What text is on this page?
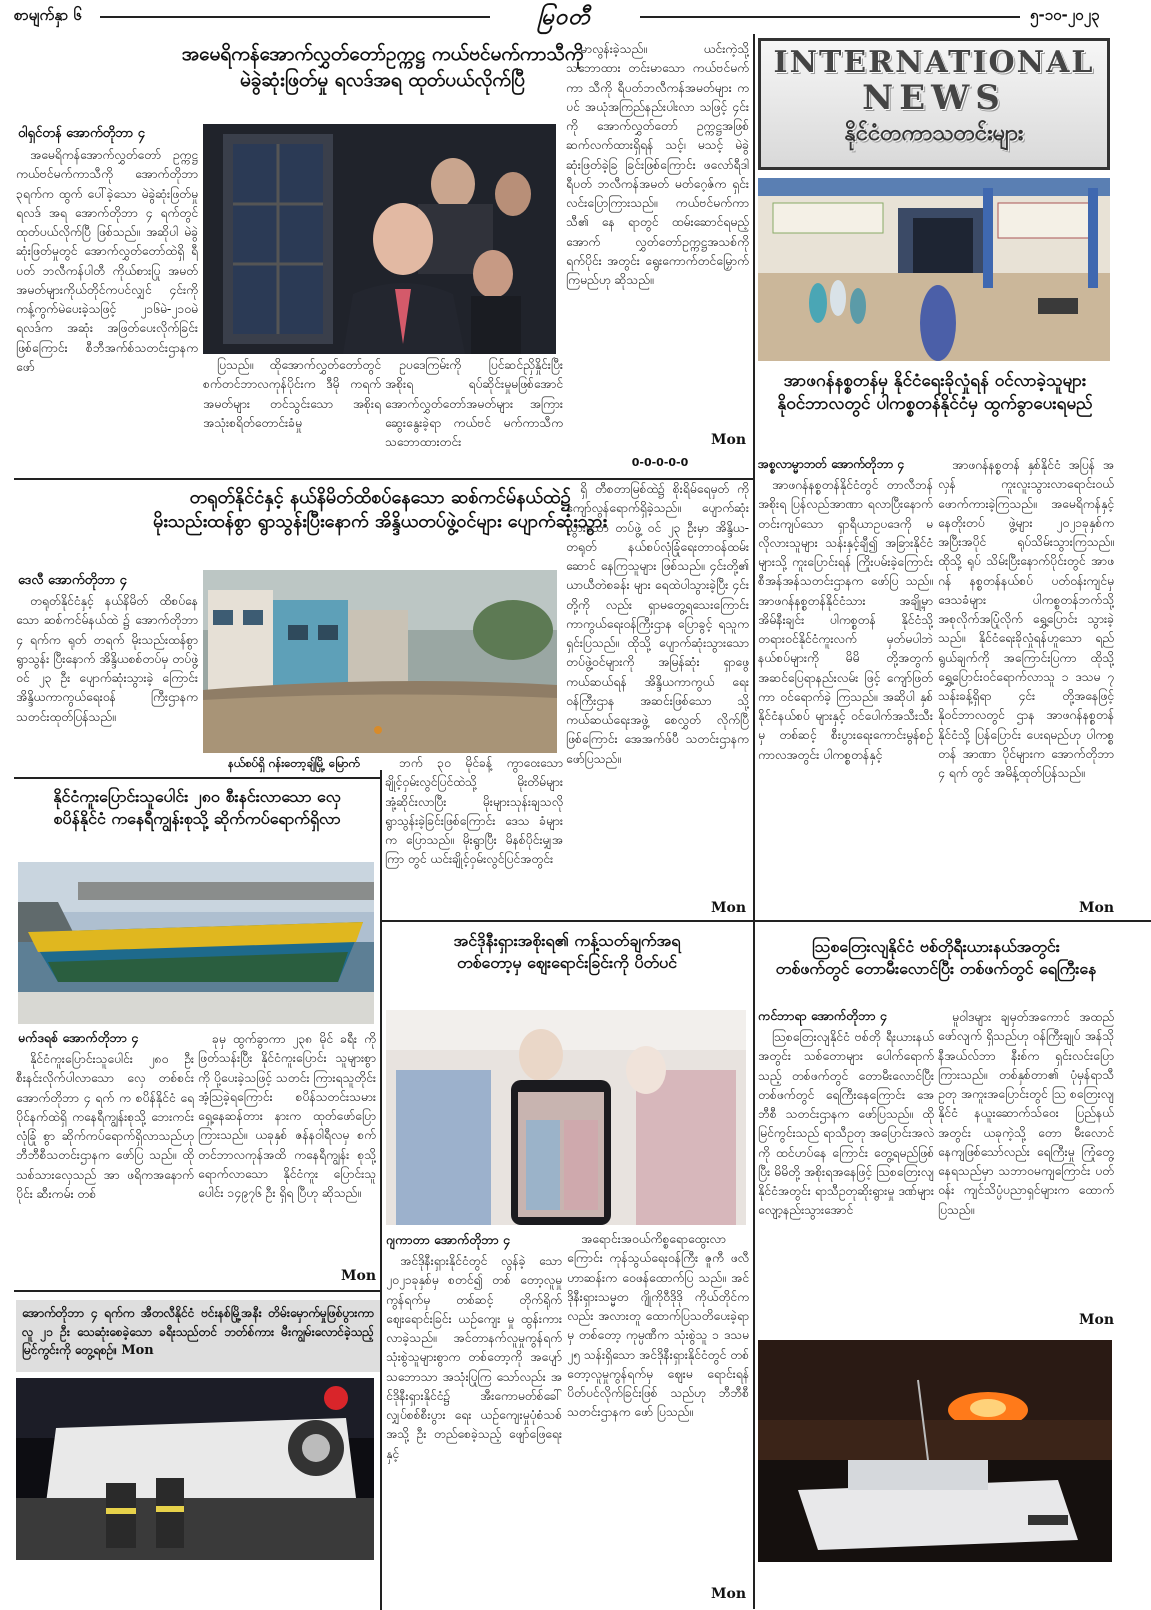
စာမျက်နှာ ၆	မြဝတီ	၅-၁၀-၂၀၂၃
အမေရိကန်အောက်လွှတ်တော်ဥက္ကဋ္ဌ ကယ်ဗင်မက်ကာသီကို
မဲခွဲဆုံးဖြတ်မှု ရလဒ်အရ ထုတ်ပယ်လိုက်ပြီ
ဝါရှင်တန် အောက်တိုဘာ ၄

အမေရိကန်အောက်လွှတ်တော် ဥက္ကဋ္ဌ ကယ်ဗင်မက်ကာသီကို အောက်တိုဘာ ၃ရက်က ထွက် ပေါ်ခဲ့သော မဲခွဲဆုံးဖြတ်မှုရလဒ် အရ အောက်တိုဘာ ၄ ရက်တွင် ထုတ်ပယ်လိုက်ပြီ ဖြစ်သည်။ အဆိုပါ မဲခွဲဆုံးဖြတ်မှုတွင် အောက်လွှတ်တော်ထဲရှိ ရီပတ် ဘလီကန်ပါတီ ကိုယ်စားပြု အမတ် အမတ်များကိုယ်တိုင်ကပင်လျှင် ၄င်းကို ကန့်ကွက်မဲပေးခဲ့သဖြင့် ၂၁၆မဲ-၂၁၀မဲ ရလဒ်က အဆုံး အဖြတ်ပေးလိုက်ခြင်းဖြစ်ကြောင်း စီဘီအက်စ်သတင်းဌာနက ဖော်	ပြသည်။ ထိုအောက်လွှတ်တော်တွင် စက်တင်ဘာလကုန်ပိုင်းက ဒီမို ကရက်အမတ်များ တင်သွင်းသော အစိုးရအသုံးစရိတ်တောင်းခံမှု

ဥပဒေကြမ်းကို ပြင်ဆင်ညှိနှိုင်းပြီး အစိုးရ ရပ်ဆိုင်းမှုမဖြစ်အောင် အောက်လွှတ်တော်အမတ်များ အကြား ဆွေးနွေးခဲ့ရာ ကယ်ဗင် မက်ကာသီက သဘောထားတင်း

မာလွန်းခဲ့သည်။ ယင်းကဲ့သို့ သဘောထား တင်းမာသော ကယ်ဗင်မက်ကာ သီကို ရီပတ်ဘလီကန်အမတ်များ ကပင် အယုံအကြည်နည်းပါးလာ သဖြင့် ၄င်းကို အောက်လွှတ်တော် ဥက္ကဋ္ဌအဖြစ် ဆက်လက်ထားရှိရန် သင့်၊ မသင့် မဲခွဲဆုံးဖြတ်ခဲ့ခြ ခြင်းဖြစ်ကြောင်း ဖလော်ရီဒါ ရီပတ် ဘလီကန်အမတ် မတ်ဂေ့ဇ်က ရှင်း လင်းပြောကြားသည်။ ကယ်ဗင်မက်ကာသီ၏ နေ ရာတွင် ထမ်းဆောင်ရမည့် အောက် လွှတ်တော်ဥက္ကဋ္ဌအသစ်ကို ရက်ပိုင်း အတွင်း ရွေးကောက်တင်မြှောက် ကြမည်ဟု ဆိုသည်။

Mon
0-0-0-0-0
INTERNATIONAL
NEWS
နိုင်ငံတကာသတင်းများ
အာဖဂန်နစ္စတန်မှ နိုင်ငံရေးခိုလှုံရန် ဝင်လာခဲ့သူများ
နိုဝင်ဘာလတွင် ပါကစ္စတန်နိုင်ငံမှ ထွက်ခွာပေးရမည်
အစ္စလာမ္မာဘတ် အောက်တိုဘာ ၄

အာဖဂန်နစ္စတန်နိုင်ငံတွင် တာလီဘန်အစိုးရ ပြန်လည်အာဏာ ရလာပြီးနောက် တင်းကျပ်သော ရှာရီယာဥပဒေကို မလိုလားသူများ သန်းနှင့်ချီ၍ အခြားနိုင်ငံများသို့ ကူးပြောင်းရန် ကြိုးပမ်းခဲ့ကြောင်း စီအန်အန်သတင်းဌာနက ဖော်ပြ သည်။ အာဖဂန်နစ္စတန်နိုင်ငံသား အချို့မှာ အိမ်နီးချင်း ပါကစ္စတန် နိုင်ငံသို့ တရားဝင်နိုင်ငံကူးလက် မှတ်မပါဘဲ နယ်စပ်များကို မိမိ တို့အတွက် အဆင်ပြေရာနည်းလမ်း ဖြင့် ကျော်ဖြတ်ကာ ဝင်ရောက်ခဲ့ ကြသည်။ အဆိုပါ နှစ်နိုင်ငံနယ်စပ် များနှင့် ဝင်ပေါက်အသီးသီးမှ တစ်ဆင့် စီးပွားရေးကောင်းမွန်စဉ် ကာလအတွင်း ပါကစ္စတန်နှင့်

အာဖဂန်နစ္စတန် နှစ်နိုင်ငံ အပြန် အလှန် ကူးလူးသွားလာရောင်းဝယ် ဖောက်ကားခဲ့ကြသည်။ အမေရိကန်နှင့် နေတိုးတပ် ဖွဲ့များ ၂၀၂၁ခုနှစ်က အပြီးအပိုင် ရုပ်သိမ်းသွားကြသည်။ ထိုသို့ ရုပ် သိမ်းပြီးနောက်ပိုင်းတွင် အာဖဂန် နစ္စတန်နယ်စပ် ပတ်ဝန်းကျင်မှ ဒေသခံများ ပါကစ္စတန်ဘက်သို့ အစုလိုက်အပြုံလိုက် ရွှေ့ပြောင်း သွားခဲ့သည်။ နိုင်ငံရေးခိုလှုံရန်ဟူသော ရည် ရွယ်ချက်ကို အကြောင်းပြကာ ထိုသို့ ရွှေ့ပြောင်းဝင်ရောက်လာသူ ၁ ဒသမ ၇ သန်းခန့်ရှိရာ ၄င်း တို့အနေဖြင့် နိုဝင်ဘာလတွင် ဌာန အာဖဂန်နစ္စတန်နိုင်ငံသို့ ပြန်ပြောင်း ပေးရမည်ဟု ပါကစ္စတန် အာဏာ ပိုင်များက အောက်တိုဘာ ၄ ရက် တွင် အမိန့်ထုတ်ပြန်သည်။

Mon
တရုတ်နိုင်ငံနှင့် နယ်နိမိတ်ထိစပ်နေသော ဆစ်ကင်မ်နယ်ထဲ၌
မိုးသည်းထန်စွာ ရွာသွန်းပြီးနောက် အိန္ဒိယတပ်ဖွဲ့ဝင်များ ပျောက်ဆုံးသွား
ဒေလီ အောက်တိုဘာ ၄

တရုတ်နိုင်ငံနှင့် နယ်နိမိတ် ထိစပ်နေသော ဆစ်ကင်မ်နယ်ထဲ ၌ အောက်တိုဘာ ၄ ရက်က ရုတ် တရက် မိုးသည်းထန်စွာ ရွာသွန်း ပြီးနောက် အိန္ဒိယစစ်တပ်မှ တပ်ဖွဲ့ ဝင် ၂၃ ဦး ပျောက်ဆုံးသွားခဲ့ ကြောင်း အိန္ဒိယကာကွယ်ရေးဝန် ကြီးဌာနက သတင်းထုတ်ပြန်သည်။

နယ်စပ်ရှိ ဂန်းတော့ချ်မြို့ မြောက်	ဘက် ၃၀ မိုင်ခန့် ကွာဝေးသော ချိုင့်ဝှမ်းလွင်ပြင်ထဲသို့ မိုးတိမ်များ အုံ့ဆိုင်းလာပြီး မိုးများသုန်းချသလို ရွာသွန်းခဲ့ခြင်းဖြစ်ကြောင်း ဒေသ ခံများက ပြောသည်။ မိုးရွာပြီး မိနစ်ပိုင်းမျှအကြာ တွင် ယင်းချိုင့်ဝှမ်းလွင်ပြင်အတွင်း

ရှိ တီစတာမြစ်ထဲ၌ စိုးရိမ်ရေမှတ် ကို ကျော်လွန်ရောက်ရှိခဲ့သည်။ ပျောက်ဆုံးသွားသော တပ်ဖွဲ့ ဝင် ၂၃ ဦးမှာ အိန္ဒိယ-တရုတ် နယ်စပ်လုံခြုံရေးတာဝန်ထမ်းဆောင် နေကြသူများ ဖြစ်သည်။ ၄င်းတို့၏ ယာယီတဲစခန်း များ ရေထဲပါသွားခဲ့ပြီး ၄င်းတို့ကို လည်း ရှာမတွေ့ရသေးကြောင်း ကာကွယ်ရေးဝန်ကြီးဌာန ပြောခွင့် ရသူက ရှင်းပြသည်။ ထိုသို့ ပျောက်ဆုံးသွားသော တပ်ဖွဲ့ဝင်များကို အမြန်ဆုံး ရှာဖွေ ကယ်ဆယ်ရန် အိန္ဒိယကာကွယ် ရေးဝန်ကြီးဌာန အဆင်းဖြစ်သော သို့ ကယ်ဆယ်ရေးအဖွဲ့ စေလွှတ် လိုက်ပြီဖြစ်ကြောင်း အေအက်ဖ်ပီ သတင်းဌာနက ဖော်ပြသည်။

Mon
နိုင်ငံကူးပြောင်းသူပေါင်း ၂၈၀ စီးနင်းလာသော လှေ
စပိန်နိုင်ငံ ကနေရီကျွန်းစုသို့ ဆိုက်ကပ်ရောက်ရှိလာ
မက်ဒရစ် အောက်တိုဘာ ၄

နိုင်ငံကူးပြောင်းသူပေါင်း ၂၈၀ ဦး စီးနင်းလိုက်ပါလာသော လှေ တစ်စင်း အောက်တိုဘာ ၄ ရက် က စပိန်နိုင်ငံ ရေပိုင်နက်ထဲရှိ ကနေရီကျွန်းစုသို့ ဘေးကင်းလုံခြုံ စွာ ဆိုက်ကပ်ရောက်ရှိလာသည်ဟု ဘီဘီစီသတင်းဌာနက ဖော်ပြ သည်။ ထိုသစ်သားလှေသည် အာ ဖရိကအနောက်ပိုင်း ဆီးကမ်း တစ်

ခုမှ ထွက်ခွာကာ ၂၃၈ မိုင် ခရီး ကို ဖြတ်သန်းပြီး နိုင်ငံကူးပြောင်း သူများစွာကို ပို့ပေးခဲ့သဖြင့် သတင်း ကြားရသူတိုင်း အံ့သြခဲ့ရကြောင်း စပိန်သတင်းသမား ရှေ့နေဆန်တား နားက ထုတ်ဖော်ပြောကြားသည်။ ယခုနှစ် ဇန်နဝါရီလမှ စက် တင်ဘာလကုန်အထိ ကနေရီကျွန်း စုသို့ ရောက်လာသော နိုင်ငံကူး ပြောင်းသူပေါင်း ၁၄၉၇၆ ဦး ရှိရ ပြီဟု ဆိုသည်။

Mon
အောက်တိုဘာ ၄ ရက်က အီတလီနိုင်ငံ ဗင်းနစ်မြို့အနီး တိမ်းမှောက်မှုဖြစ်ပွားကာ လူ ၂၁ ဦး သေဆုံးစေခဲ့သော ခရီးသည်တင် ဘတ်စ်ကား မီးကျွမ်းလောင်ခဲ့သည့်မြင်ကွင်းကို တွေ့ရစဉ်။ Mon
အင်ဒိုနီးရှားအစိုးရ၏ ကန့်သတ်ချက်အရ
တစ်တော့မှ ဈေးရောင်းခြင်းကို ပိတ်ပင်
ဂျကာတာ အောက်တိုဘာ ၄

အင်ဒိုနီးရှားနိုင်ငံတွင် လွန်ခဲ့ သော ၂၀၂၁ခုနှစ်မှ စတင်၍ တစ် တော့လူမှုကွန်ရက်မှ တစ်ဆင့် တိုက်ရိုက်ဈေးရောင်းခြင်း ယဉ်ကျေး မှု ထွန်းကားလာခဲ့သည်။ အင်တာနက်လူမှုကွန်ရက် သုံးစွဲသူများစွာက တစ်တော့ကို အပျော်သဘောသာ အသုံးပြုကြ သော်လည်း အင်ဒိုနီးရှားနိုင်ငံ၌ အီးကောမတ်စ်ခေါ် လျှပ်စစ်စီးပွား ရေး ယဉ်ကျေးမှုပုံစံသစ်အသို့ ဦး တည်စေခဲ့သည့် ဖျော်ဖြေရေးနှင့်

အရောင်းအဝယ်ကိစ္စရောထွေးလာ ကြောင်း ကုန်သွယ်ရေးဝန်ကြီး ဇူကီ ဖလီဟာဆန်းက ဝေဖန်ထောက်ပြ သည်။ အင်ဒိုနီးရှားသမ္မတ ဂျိုကိုဝီဒိုဒို ကိုယ်တိုင်ကလည်း အလားတူ ထောက်ပြသတိပေးခဲ့ရာမှ တစ်တော့ ကုမ္ပဏီက သုံးစွဲသူ ၁ ဒသမ ၂၅ သန်းရှိသော အင်ဒိုနီးရှားနိုင်ငံတွင် တစ်တော့လူမှုကွန်ရက်မှ ဈေးမ ရောင်းရန် ပိတ်ပင်လိုက်ခြင်းဖြစ် သည်ဟု ဘီဘီစီသတင်းဌာနက ဖော် ပြသည်။

Mon
ဩစတြေးလျနိုင်ငံ ဗစ်တိုရီးယားနယ်အတွင်း
တစ်ဖက်တွင် တောမီးလောင်ပြီး တစ်ဖက်တွင် ရေကြီးနေ
ကင်ဘာရာ အောက်တိုဘာ ၄

ဩစတြေးလျနိုင်ငံ ဗစ်တို ရီးယားနယ်အတွင်း သစ်တောများ ပေါက်ရောက်သည့် တစ်ဖက်တွင် တောမီးလောင်ပြီး တစ်ဖက်တွင် ရေကြီးနေကြောင်း အေဘီစီ သတင်းဌာနက ဖော်ပြသည်။ ထိုမြင်ကွင်းသည် ရာသီဥတု အပြောင်းအလဲကို ထင်ဟပ်နေ ကြောင်း တွေ့ရမည်ဖြစ်ပြီး မိမိတို့ အစိုးရအနေဖြင့် ဩစတြေးလျ နိုင်ငံအတွင်း ရာသီဥတုဆိုးရွားမှု ဒဏ်များ လျော့နည်းသွားအောင်

မူဝါဒများ ချမှတ်အကောင် အထည်ဖော်လျက် ရှိသည်ဟု ဝန်ကြီးချုပ် အန်သိုနီအယ်လ်ဘာ နီးစ်က ရှင်းလင်းပြောကြားသည်။ တစ်နှစ်တာ၏ ပုံမှန်ရာသီ ဥတု အကူးအပြောင်းတွင် ဩ စတြေးလျနိုင်ငံ နယူးဆောက်သ်ဝေး ပြည်နယ်အတွင်း ယခုကဲ့သို့ တော မီးလောင်နေကျဖြစ်သော်လည်း ရေကြီးမှု ကြုံတွေ့နေရသည်မှာ သဘာဝမကျကြောင်း ပတ်ဝန်း ကျင်သိပ္ပံပညာရှင်များက ထောက် ပြသည်။

Mon
